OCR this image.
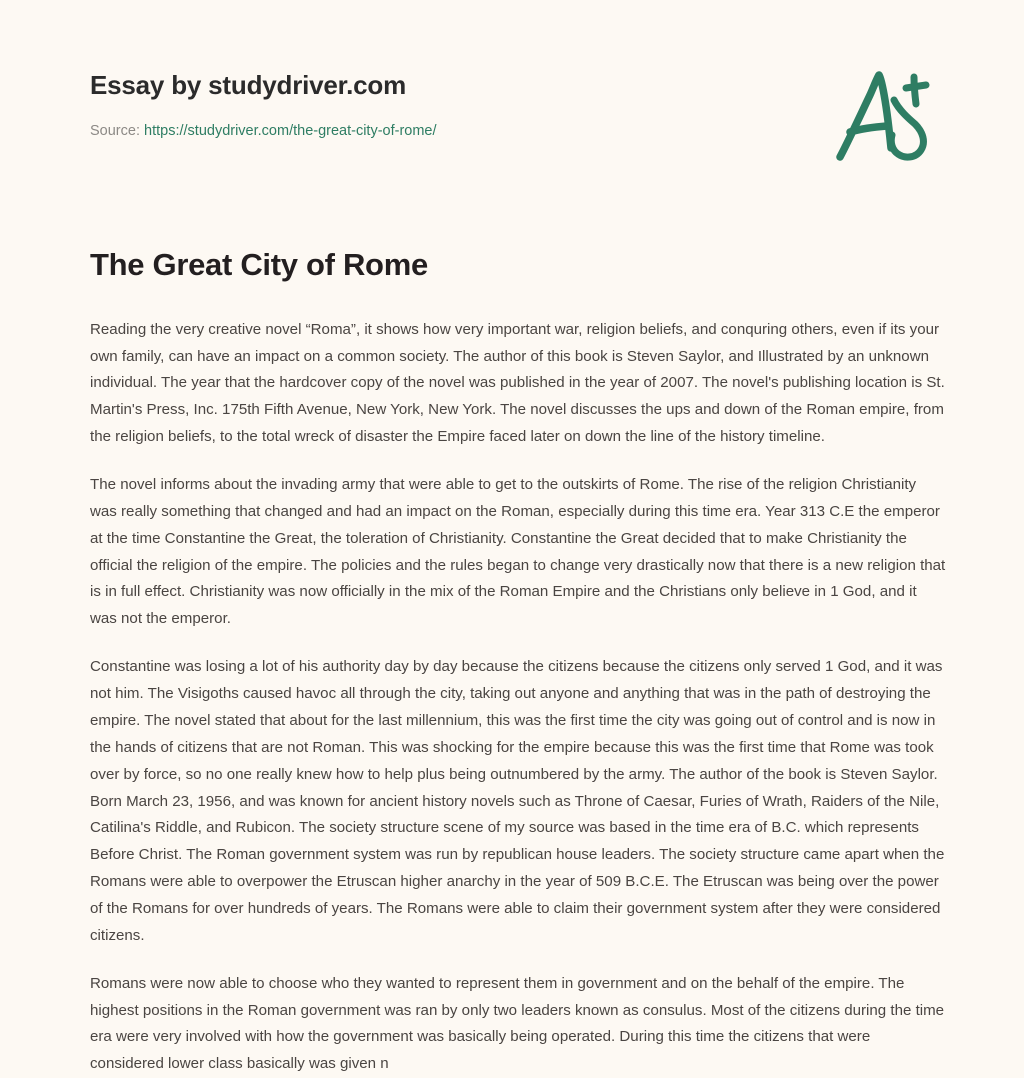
Essay by studydriver.com
Source: https://studydriver.com/the-great-city-of-rome/
The Great City of Rome

Reading the very creative novel “Roma”, it shows how very important war, religion beliefs, and conquring others, even if its your own family, can have an impact on a common society. The author of this book is Steven Saylor, and Illustrated by an unknown individual. The year that the hardcover copy of the novel was published in the year of 2007. The novel's publishing location is St. Martin's Press, Inc. 175th Fifth Avenue, New York, New York. The novel discusses the ups and down of the Roman empire, from the religion beliefs, to the total wreck of disaster the Empire faced later on down the line of the history timeline.

The novel informs about the invading army that were able to get to the outskirts of Rome. The rise of the religion Christianity was really something that changed and had an impact on the Roman, especially during this time era. Year 313 C.E the emperor at the time Constantine the Great, the toleration of Christianity. Constantine the Great decided that to make Christianity the official the religion of the empire. The policies and the rules began to change very drastically now that there is a new religion that is in full effect. Christianity was now officially in the mix of the Roman Empire and the Christians only believe in 1 God, and it was not the emperor.

Constantine was losing a lot of his authority day by day because the citizens because the citizens only served 1 God, and it was not him. The Visigoths caused havoc all through the city, taking out anyone and anything that was in the path of destroying the empire. The novel stated that about for the last millennium, this was the first time the city was going out of control and is now in the hands of citizens that are not Roman. This was shocking for the empire because this was the first time that Rome was took over by force, so no one really knew how to help plus being outnumbered by the army. The author of the book is Steven Saylor. Born March 23, 1956, and was known for ancient history novels such as Throne of Caesar, Furies of Wrath, Raiders of the Nile, Catilina's Riddle, and Rubicon. The society structure scene of my source was based in the time era of B.C. which represents Before Christ. The Roman government system was run by republican house leaders. The society structure came apart when the Romans were able to overpower the Etruscan higher anarchy in the year of 509 B.C.E. The Etruscan was being over the power of the Romans for over hundreds of years. The Romans were able to claim their government system after they were considered citizens.

Romans were now able to choose who they wanted to represent them in government and on the behalf of the empire. The highest positions in the Roman government was ran by only two leaders known as consulus. Most of the citizens during the time era were very involved with how the government was basically being operated. During this time the citizens that were considered lower class basically was given n
